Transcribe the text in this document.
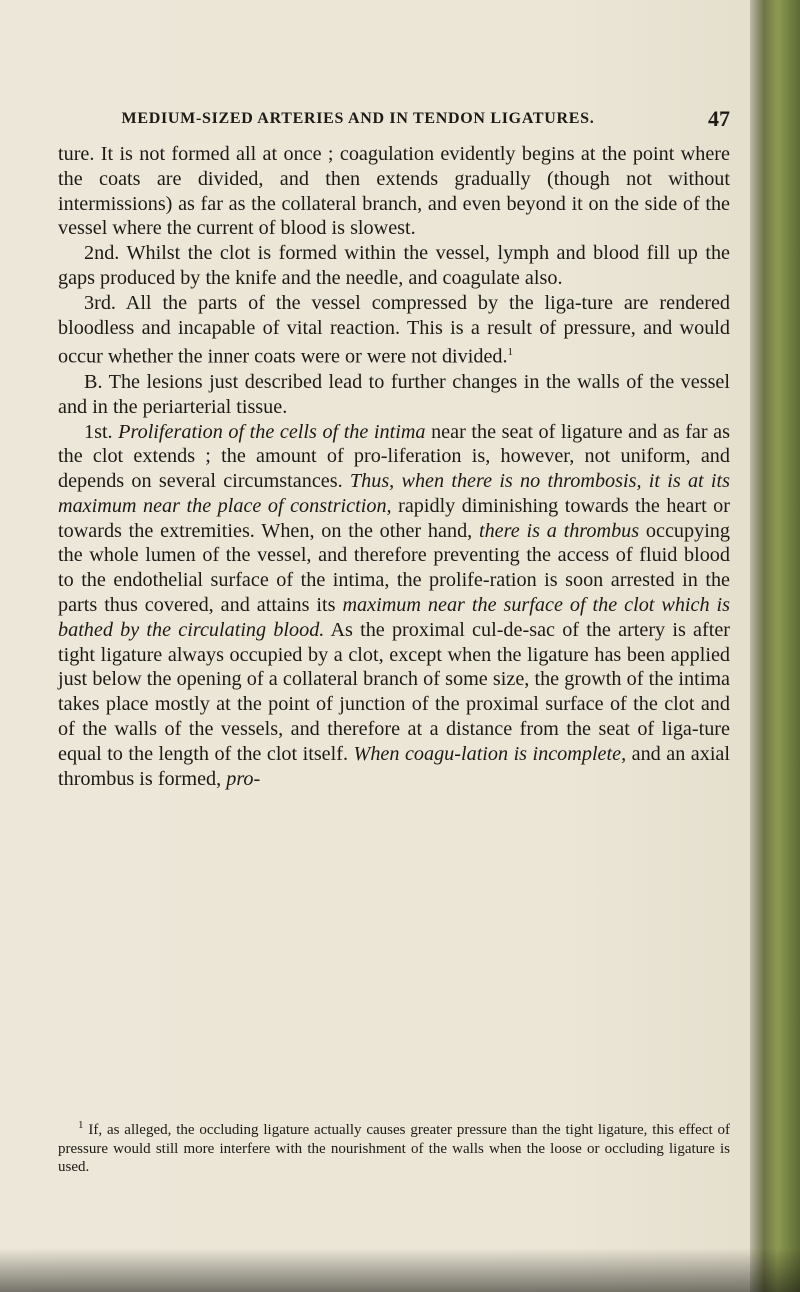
MEDIUM-SIZED ARTERIES AND IN TENDON LIGATURES.	47

ture. It is not formed all at once ; coagulation evidently begins at the point where the coats are divided, and then extends gradually (though not without intermissions) as far as the collateral branch, and even beyond it on the side of the vessel where the current of blood is slowest.

2nd. Whilst the clot is formed within the vessel, lymph and blood fill up the gaps produced by the knife and the needle, and coagulate also.

3rd. All the parts of the vessel compressed by the liga-ture are rendered bloodless and incapable of vital reaction. This is a result of pressure, and would occur whether the inner coats were or were not divided.$^1$

B. The lesions just described lead to further changes in the walls of the vessel and in the periarterial tissue.

1st. Proliferation of the cells of the intima near the seat of ligature and as far as the clot extends ; the amount of pro-liferation is, however, not uniform, and depends on several circumstances. Thus, when there is no thrombosis, it is at its maximum near the place of constriction, rapidly diminishing towards the heart or towards the extremities. When, on the other hand, there is a thrombus occupying the whole lumen of the vessel, and therefore preventing the access of fluid blood to the endothelial surface of the intima, the prolife-ration is soon arrested in the parts thus covered, and attains its maximum near the surface of the clot which is bathed by the circulating blood. As the proximal cul-de-sac of the artery is after tight ligature always occupied by a clot, except when the ligature has been applied just below the opening of a collateral branch of some size, the growth of the intima takes place mostly at the point of junction of the proximal surface of the clot and of the walls of the vessels, and therefore at a distance from the seat of liga-ture equal to the length of the clot itself. When coagu-lation is incomplete, and an axial thrombus is formed, pro-

$^1$ If, as alleged, the occluding ligature actually causes greater pressure than the tight ligature, this effect of pressure would still more interfere with the nourishment of the walls when the loose or occluding ligature is used.
